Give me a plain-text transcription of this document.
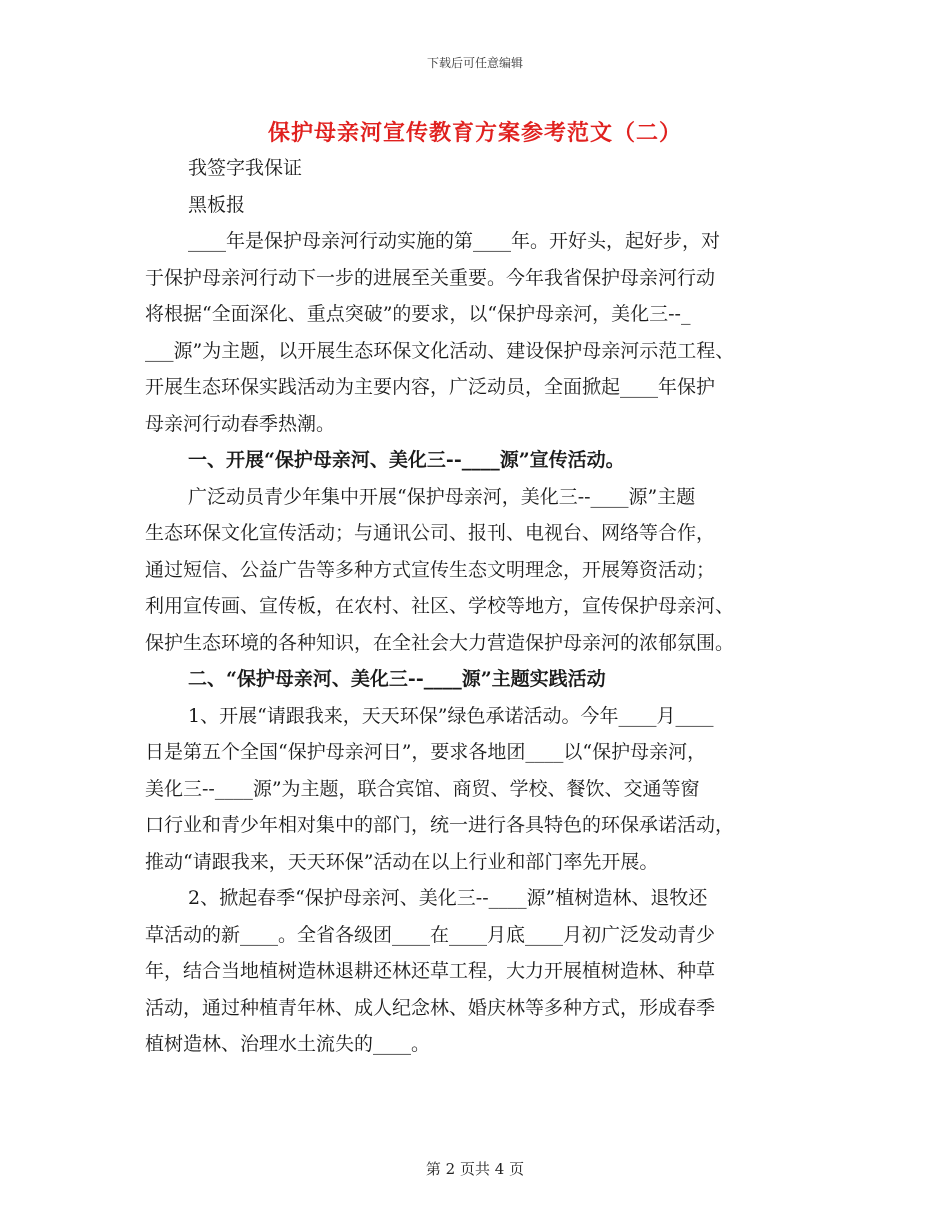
下载后可任意编辑
保护母亲河宣传教育方案参考范文（二）
我签字我保证
黑板报
____年是保护母亲河行动实施的第____年。开好头，起好步，对
于保护母亲河行动下一步的进展至关重要。今年我省保护母亲河行动
将根据“全面深化、重点突破”的要求，以“保护母亲河，美化三--_
___源”为主题，以开展生态环保文化活动、建设保护母亲河示范工程、
开展生态环保实践活动为主要内容，广泛动员，全面掀起____年保护
母亲河行动春季热潮。
一、开展“保护母亲河、美化三--____源”宣传活动。
广泛动员青少年集中开展“保护母亲河，美化三--____源”主题
生态环保文化宣传活动；与通讯公司、报刊、电视台、网络等合作，
通过短信、公益广告等多种方式宣传生态文明理念，开展筹资活动；
利用宣传画、宣传板，在农村、社区、学校等地方，宣传保护母亲河、
保护生态环境的各种知识，在全社会大力营造保护母亲河的浓郁氛围。
二、“保护母亲河、美化三--____源”主题实践活动
1、开展“请跟我来，天天环保”绿色承诺活动。今年____月____
日是第五个全国“保护母亲河日”，要求各地团____以“保护母亲河，
美化三--____源”为主题，联合宾馆、商贸、学校、餐饮、交通等窗
口行业和青少年相对集中的部门，统一进行各具特色的环保承诺活动，
推动“请跟我来，天天环保”活动在以上行业和部门率先开展。
2、掀起春季“保护母亲河、美化三--____源”植树造林、退牧还
草活动的新____。全省各级团____在____月底____月初广泛发动青少
年，结合当地植树造林退耕还林还草工程，大力开展植树造林、种草
活动，通过种植青年林、成人纪念林、婚庆林等多种方式，形成春季
植树造林、治理水土流失的____。
第 2 页共 4 页
